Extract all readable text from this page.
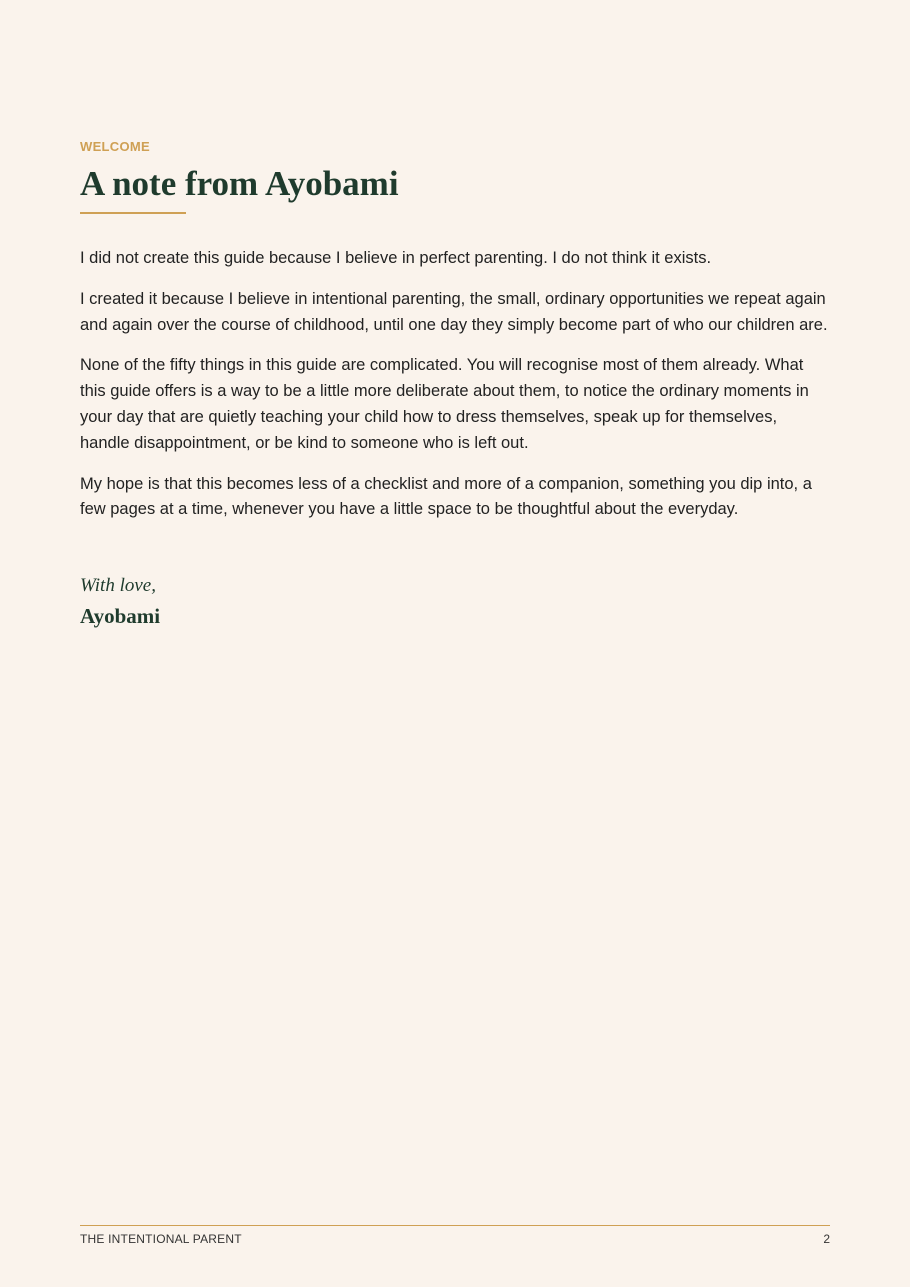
WELCOME

A note from Ayobami

I did not create this guide because I believe in perfect parenting. I do not think it exists.

I created it because I believe in intentional parenting, the small, ordinary opportunities we repeat again and again over the course of childhood, until one day they simply become part of who our children are.

None of the fifty things in this guide are complicated. You will recognise most of them already. What this guide offers is a way to be a little more deliberate about them, to notice the ordinary moments in your day that are quietly teaching your child how to dress themselves, speak up for themselves, handle disappointment, or be kind to someone who is left out.

My hope is that this becomes less of a checklist and more of a companion, something you dip into, a few pages at a time, whenever you have a little space to be thoughtful about the everyday.

With love,

Ayobami

THE INTENTIONAL PARENT	2
